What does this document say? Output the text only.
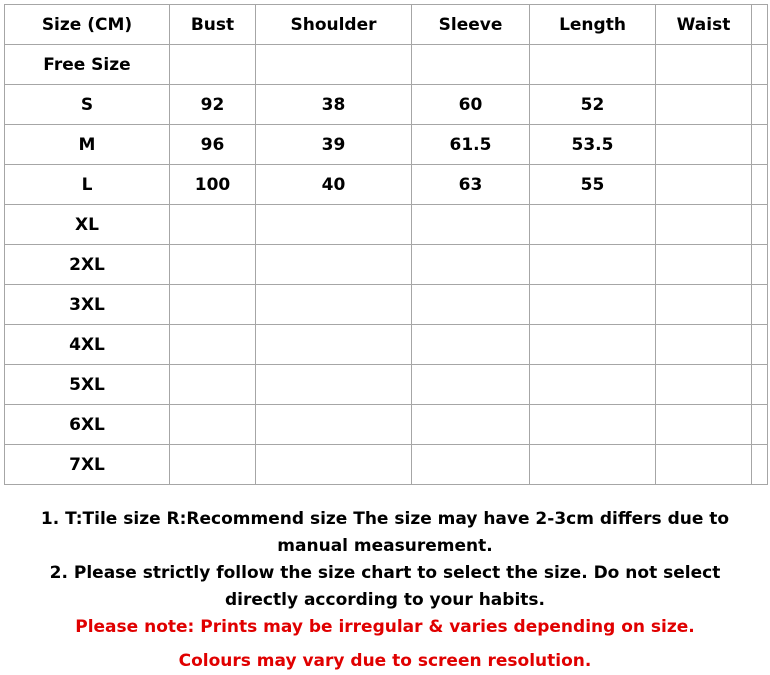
Size (CM)	Bust	Shoulder	Sleeve	Length	Waist	
Free Size						
S	92	38	60	52		
M	96	39	61.5	53.5		
L	100	40	63	55		
XL						
2XL						
3XL						
4XL						
5XL						
6XL						
7XL						
1. T:Tile size R:Recommend size The size may have 2-3cm differs due to manual measurement.
2. Please strictly follow the size chart to select the size. Do not select directly according to your habits.
Please note: Prints may be irregular & varies depending on size.
Colours may vary due to screen resolution.
